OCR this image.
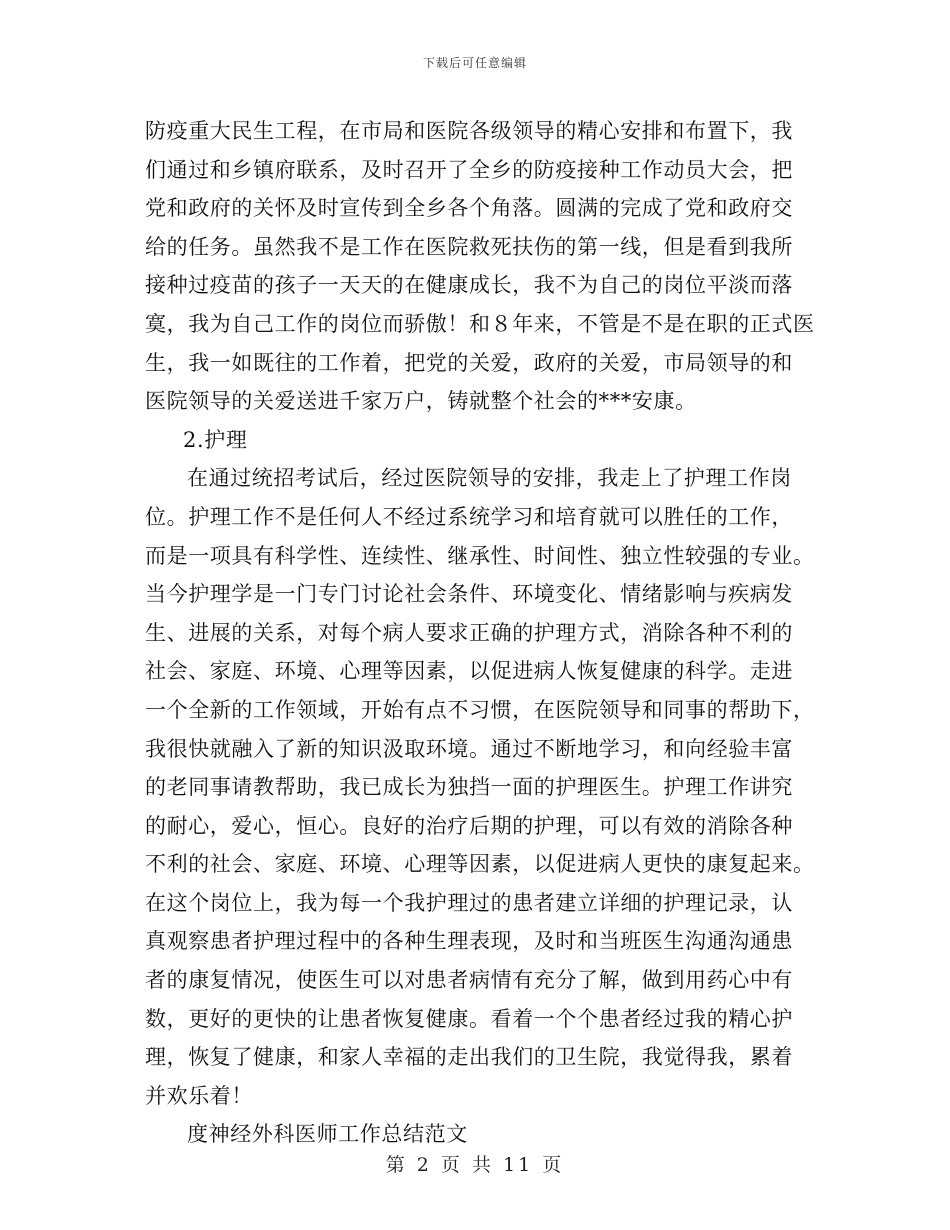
下载后可任意编辑
防疫重大民生工程，在市局和医院各级领导的精心安排和布置下，我
们通过和乡镇府联系，及时召开了全乡的防疫接种工作动员大会，把
党和政府的关怀及时宣传到全乡各个角落。圆满的完成了党和政府交
给的任务。虽然我不是工作在医院救死扶伤的第一线，但是看到我所
接种过疫苗的孩子一天天的在健康成长，我不为自己的岗位平淡而落
寞，我为自己工作的岗位而骄傲！和８年来，不管是不是在职的正式医
生，我一如既往的工作着，把党的关爱，政府的关爱，市局领导的和
医院领导的关爱送进千家万户，铸就整个社会的***安康。
2.护理
在通过统招考试后，经过医院领导的安排，我走上了护理工作岗
位。护理工作不是任何人不经过系统学习和培育就可以胜任的工作，
而是一项具有科学性、连续性、继承性、时间性、独立性较强的专业。
当今护理学是一门专门讨论社会条件、环境变化、情绪影响与疾病发
生、进展的关系，对每个病人要求正确的护理方式，消除各种不利的
社会、家庭、环境、心理等因素，以促进病人恢复健康的科学。走进
一个全新的工作领域，开始有点不习惯，在医院领导和同事的帮助下，
我很快就融入了新的知识汲取环境。通过不断地学习，和向经验丰富
的老同事请教帮助，我已成长为独挡一面的护理医生。护理工作讲究
的耐心，爱心，恒心。良好的治疗后期的护理，可以有效的消除各种
不利的社会、家庭、环境、心理等因素，以促进病人更快的康复起来。
在这个岗位上，我为每一个我护理过的患者建立详细的护理记录，认
真观察患者护理过程中的各种生理表现，及时和当班医生沟通沟通患
者的康复情况，使医生可以对患者病情有充分了解，做到用药心中有
数，更好的更快的让患者恢复健康。看着一个个患者经过我的精心护
理，恢复了健康，和家人幸福的走出我们的卫生院，我觉得我，累着
并欢乐着！
度神经外科医师工作总结范文
第 2 页 共 11 页
